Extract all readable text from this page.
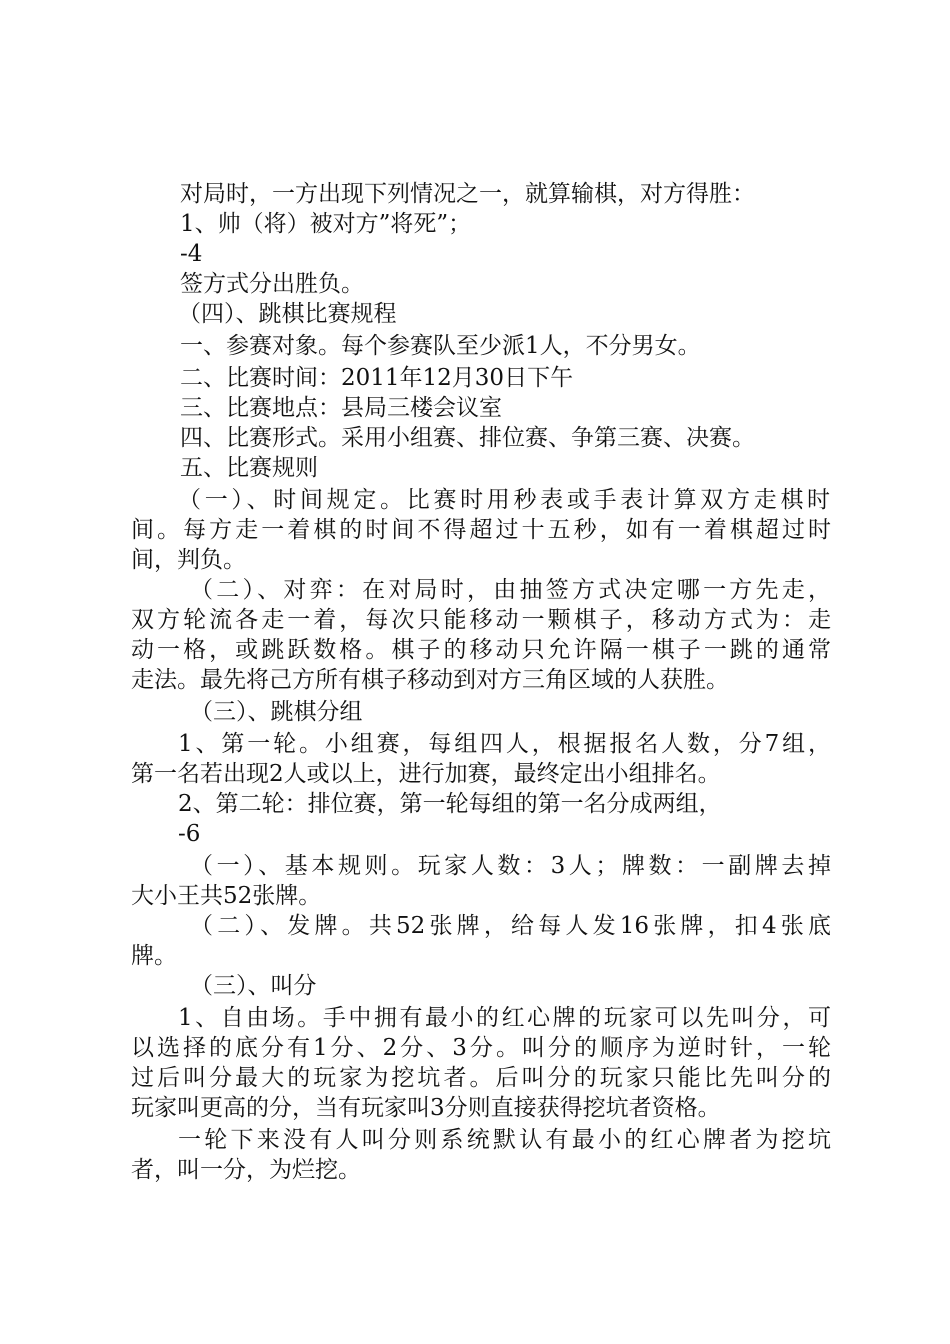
对局时，一方出现下列情况之一，就算输棋，对方得胜：
1、帅（将）被对方”将死”；
-4
签方式分出胜负。
（四）、跳棋比赛规程
一、参赛对象。每个参赛队至少派1人，不分男女。
二、比赛时间：2011年12月30日下午
三、比赛地点：县局三楼会议室
四、比赛形式。采用小组赛、排位赛、争第三赛、决赛。
五、比赛规则
（一）、时间规定。比赛时用秒表或手表计算双方走棋时
间。每方走一着棋的时间不得超过十五秒，如有一着棋超过时
间，判负。
（二）、对弈：在对局时，由抽签方式决定哪一方先走，
双方轮流各走一着，每次只能移动一颗棋子，移动方式为：走
动一格，或跳跃数格。棋子的移动只允许隔一棋子一跳的通常
走法。最先将己方所有棋子移动到对方三角区域的人获胜。
（三）、跳棋分组
1、第一轮。小组赛，每组四人，根据报名人数，分7组，
第一名若出现2人或以上，进行加赛，最终定出小组排名。
2、第二轮：排位赛，第一轮每组的第一名分成两组，
-6
（一）、基本规则。玩家人数：3人；牌数：一副牌去掉
大小王共52张牌。
（二）、发牌。共52张牌，给每人发16张牌，扣4张底
牌。
（三）、叫分
1、自由场。手中拥有最小的红心牌的玩家可以先叫分，可
以选择的底分有1分、2分、3分。叫分的顺序为逆时针，一轮
过后叫分最大的玩家为挖坑者。后叫分的玩家只能比先叫分的
玩家叫更高的分，当有玩家叫3分则直接获得挖坑者资格。
一轮下来没有人叫分则系统默认有最小的红心牌者为挖坑
者，叫一分，为烂挖。
